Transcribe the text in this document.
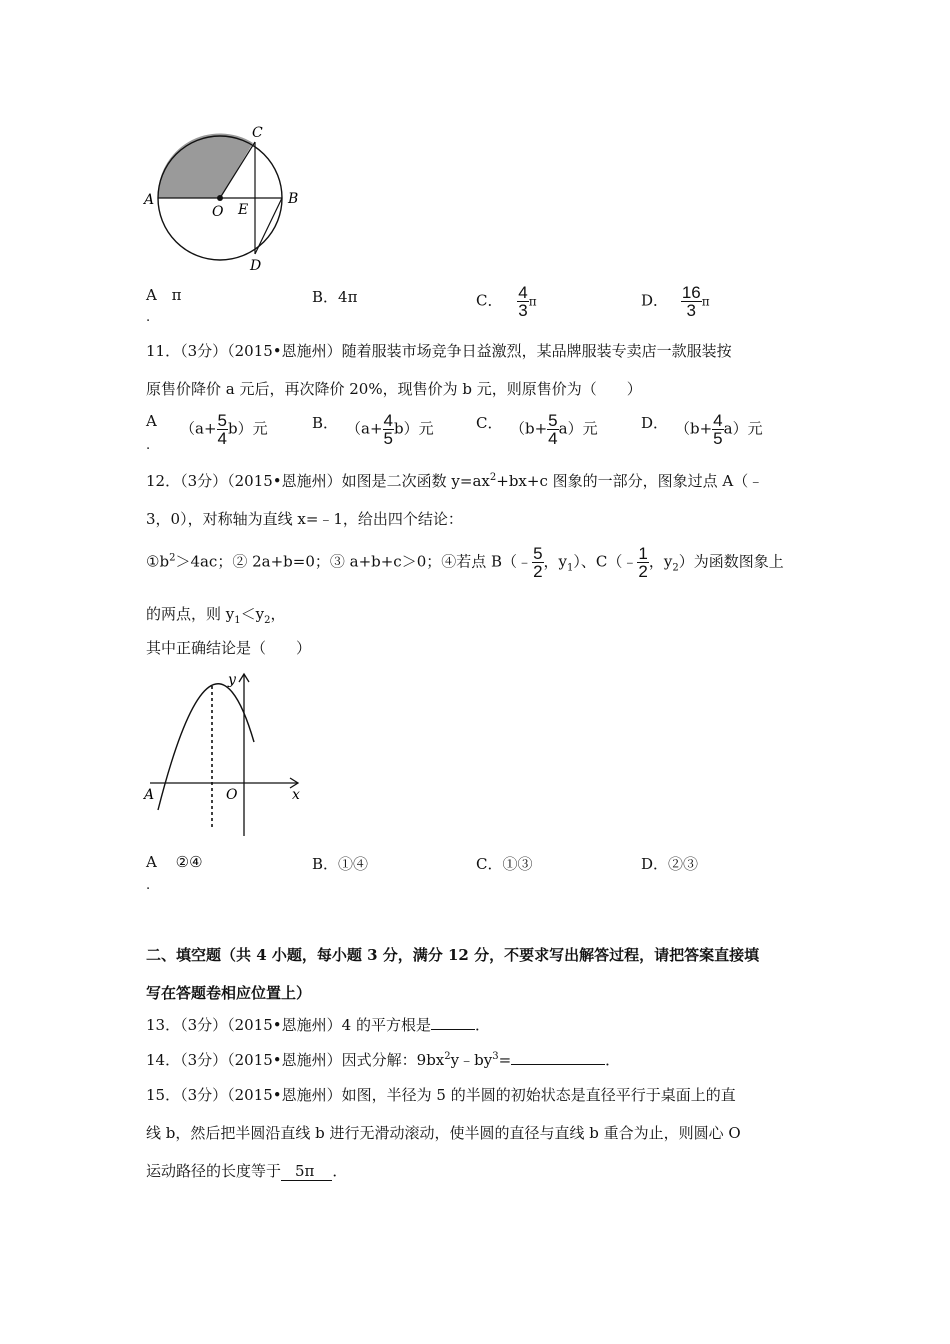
C
A	B
O E
D
A π
.
B．4π	C． $\frac{4}{3}$ π	D． $\frac{16}{3}$ π
11．（3分）（2015•恩施州）随着服装市场竞争日益激烈，某品牌服装专卖店一款服装按
原售价降价 a 元后，再次降价 20%，现售价为 b 元，则原售价为（　　）
A
.
$(a+ \frac{5}{4} b)$元	B． $(a+ \frac{4}{5} b)$元	C． $(b+ \frac{5}{4} a)$元	D． $(b+ \frac{4}{5} a)$元
12．（3分）（2015•恩施州）如图是二次函数 $y=ax^2+bx+c$ 图象的一部分，图象过点 A（﹣
3，0），对称轴为直线 x=﹣1，给出四个结论：
$①b^2>4ac$；② 2a+b=0；③ a+b+c＞0；④若点 B（﹣ $\frac{5}{2}$ ，$y_1$）、C（﹣ $\frac{1}{2}$ ，$y_2$）为函数图象上
的两点，则 $y_1<y_2$，
其中正确结论是（　　）
y
A	O	x
A ②④
.
B．①④	C．①③	D．②③
二、填空题（共 4 小题，每小题 3 分，满分 12 分，不要求写出解答过程，请把答案直接填
写在答题卷相应位置上）
13．（3分）（2015•恩施州）4 的平方根是	．
14．（3分）（2015•恩施州）因式分解：$9bx^2y﹣by^3=$	．
15．（3分）（2015•恩施州）如图，半径为 5 的半圆的初始状态是直径平行于桌面上的直
线 b，然后把半圆沿直线 b 进行无滑动滚动，使半圆的直径与直线 b 重合为止，则圆心 O
运动路径的长度等于 5π ．
